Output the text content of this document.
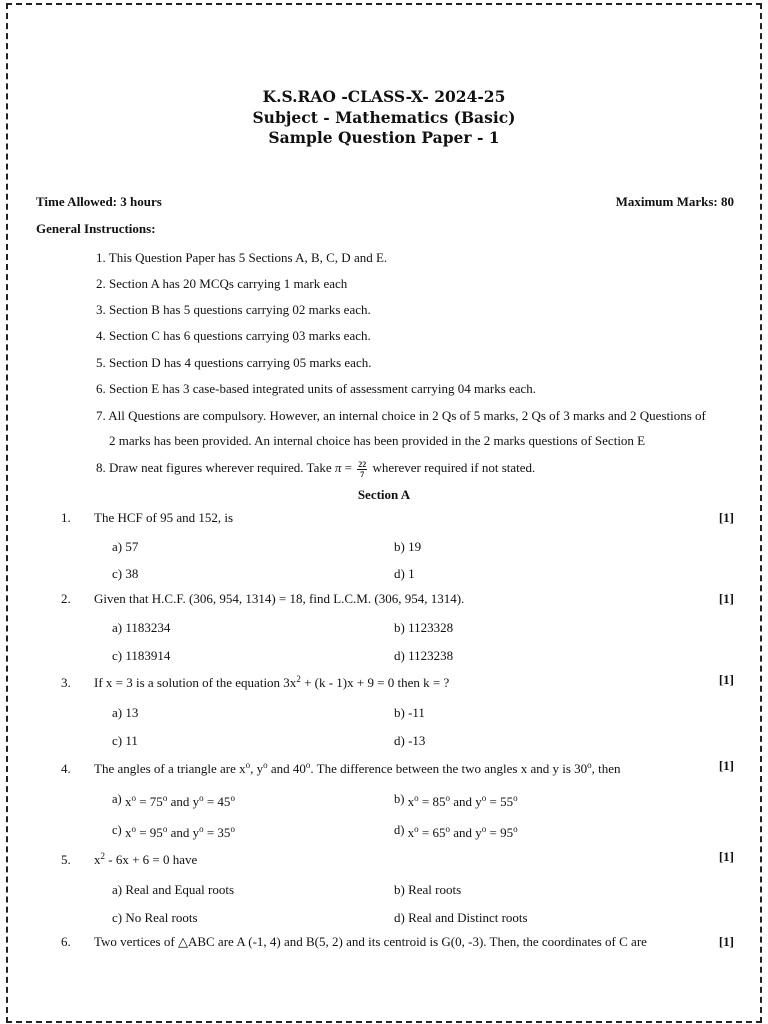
K.S.RAO -CLASS-X- 2024-25
Subject - Mathematics (Basic)
Sample Question Paper - 1
Time Allowed: 3 hours	Maximum Marks: 80
General Instructions:
1. This Question Paper has 5 Sections A, B, C, D and E.
2. Section A has 20 MCQs carrying 1 mark each
3. Section B has 5 questions carrying 02 marks each.
4. Section C has 6 questions carrying 03 marks each.
5. Section D has 4 questions carrying 05 marks each.
6. Section E has 3 case-based integrated units of assessment carrying 04 marks each.
7. All Questions are compulsory. However, an internal choice in 2 Qs of 5 marks, 2 Qs of 3 marks and 2 Questions of
2 marks has been provided. An internal choice has been provided in the 2 marks questions of Section E
8. Draw neat figures wherever required. Take $\pi = \frac{22}{7}$ wherever required if not stated.
Section A
1. The HCF of 95 and 152, is	[1]
a) 57	b) 19
c) 38	d) 1
2. Given that H.C.F. (306, 954, 1314) = 18, find L.C.M. (306, 954, 1314).	[1]
a) 1183234	b) 1123328
c) 1183914	d) 1123238
3. If x = 3 is a solution of the equation $3x^2 + (k - 1)x + 9 = 0$ then k = ?	[1]
a) 13	b) -11
c) 11	d) -13
4. The angles of a triangle are $x^o$, $y^o$ and 40$^o$. The difference between the two angles x and y is 30$^o$, then	[1]
a) $x^o = 75^o$ and $y^o = 45^o$	b) $x^o = 85^o$ and $y^o = 55^o$
c) $x^o = 95^o$ and $y^o = 35^o$	d) $x^o = 65^o$ and $y^o = 95^o$
5. $x^2 - 6x + 6 = 0$ have	[1]
a) Real and Equal roots	b) Real roots
c) No Real roots	d) Real and Distinct roots
6. Two vertices of △ABC are A (-1, 4) and B(5, 2) and its centroid is G(0, -3). Then, the coordinates of C are	[1]
